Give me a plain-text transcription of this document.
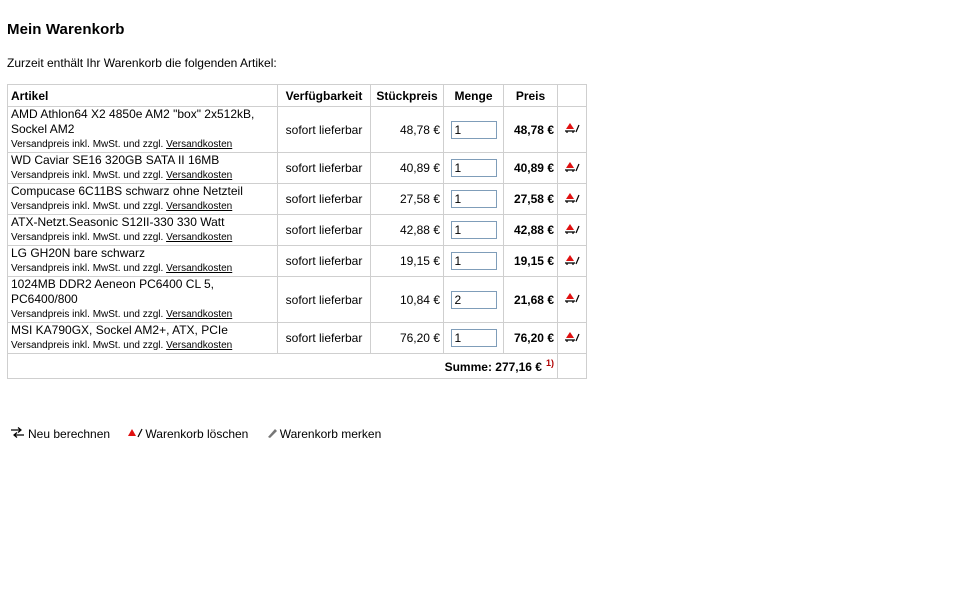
Mein Warenkorb
Zurzeit enthält Ihr Warenkorb die folgenden Artikel:
Artikel	Verfügbarkeit	Stückpreis	Menge	Preis	

AMD Athlon64 X2 4850e AM2 "box" 2x512kB, Sockel AM2
Versandpreis inkl. MwSt. und zzgl. Versandkosten	sofort lieferbar	48,78 €	1	48,78 €	

WD Caviar SE16 320GB SATA II 16MB
Versandpreis inkl. MwSt. und zzgl. Versandkosten	sofort lieferbar	40,89 €	1	40,89 €	

Compucase 6C11BS schwarz ohne Netzteil
Versandpreis inkl. MwSt. und zzgl. Versandkosten	sofort lieferbar	27,58 €	1	27,58 €	

ATX-Netzt.Seasonic S12II-330 330 Watt
Versandpreis inkl. MwSt. und zzgl. Versandkosten	sofort lieferbar	42,88 €	1	42,88 €	

LG GH20N bare schwarz
Versandpreis inkl. MwSt. und zzgl. Versandkosten	sofort lieferbar	19,15 €	1	19,15 €	

1024MB DDR2 Aeneon PC6400 CL 5, PC6400/800
Versandpreis inkl. MwSt. und zzgl. Versandkosten	sofort lieferbar	10,84 €	2	21,68 €	

MSI KA790GX, Sockel AM2+, ATX, PCIe
Versandpreis inkl. MwSt. und zzgl. Versandkosten	sofort lieferbar	76,20 €	1	76,20 €	
Summe: 277,16 € $^{1)}$	
Neu berechnen	Warenkorb löschen	Warenkorb merken
